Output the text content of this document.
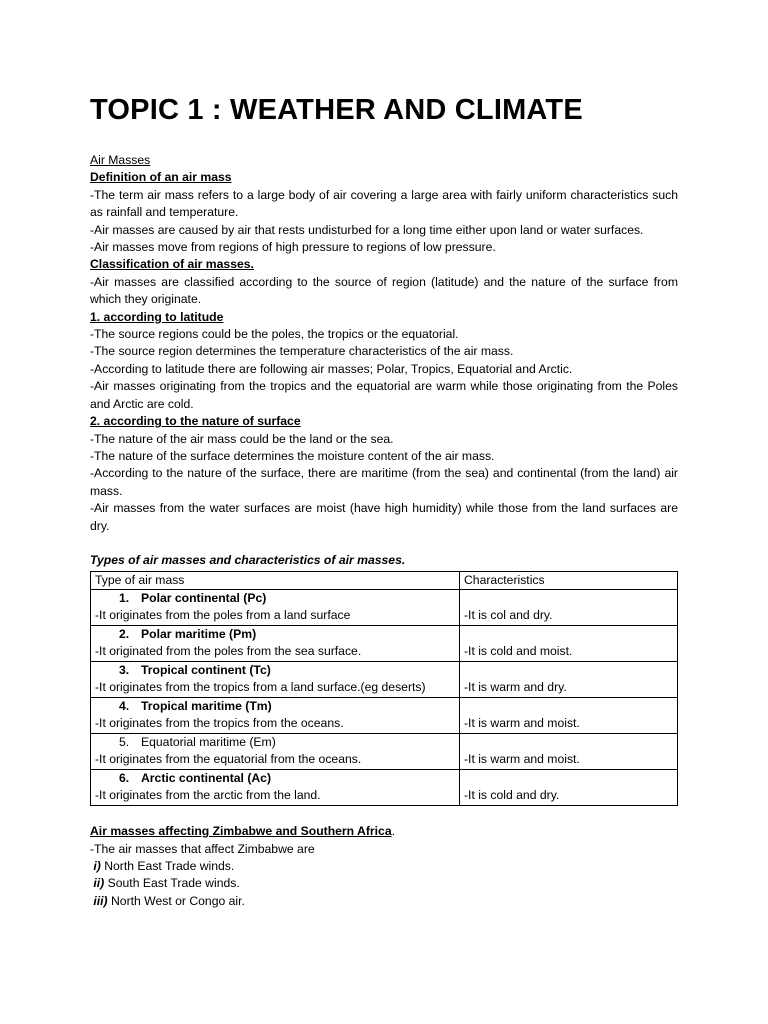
TOPIC 1 : WEATHER AND CLIMATE

Air Masses

Definition of an air mass

-The term air mass refers to a large body of air covering a large area with fairly uniform characteristics such as rainfall and temperature.

-Air masses are caused by air that rests undisturbed for a long time either upon land or water surfaces.

-Air masses move from regions of high pressure to regions of low pressure.

Classification of air masses.

-Air masses are classified according to the source of region (latitude) and the nature of the surface from which they originate.

1. according to latitude

-The source regions could be the poles, the tropics or the equatorial.

-The source region determines the temperature characteristics of the air mass.

-According to latitude there are following air masses; Polar, Tropics, Equatorial and Arctic.

-Air masses originating from the tropics and the equatorial are warm while those originating from the Poles and Arctic are cold.

2. according to the nature of surface

-The nature of the air mass could be the land or the sea.

-The nature of the surface determines the moisture content of the air mass.

-According to the nature of the surface, there are maritime (from the sea) and continental (from the land) air mass.

-Air masses from the water surfaces are moist (have high humidity) while those from the land surfaces are dry.

Types of air masses and characteristics of air masses.

Type of air mass	Characteristics

1. Polar continental (Pc)
-It originates from the poles from a land surface	-It is col and dry.

2. Polar maritime (Pm)
-It originated from the poles from the sea surface.	-It is cold and moist.

3. Tropical continent (Tc)
-It originates from the tropics from a land surface.(eg deserts)	-It is warm and dry.

4. Tropical maritime (Tm)
-It originates from the tropics from the oceans.	-It is warm and moist.

5. Equatorial maritime (Em)
-It originates from the equatorial from the oceans.	-It is warm and moist.

6. Arctic continental (Ac)
-It originates from the arctic from the land.	-It is cold and dry.

Air masses affecting Zimbabwe and Southern Africa.

-The air masses that affect Zimbabwe are

i) North East Trade winds.

ii) South East Trade winds.

iii) North West or Congo air.
